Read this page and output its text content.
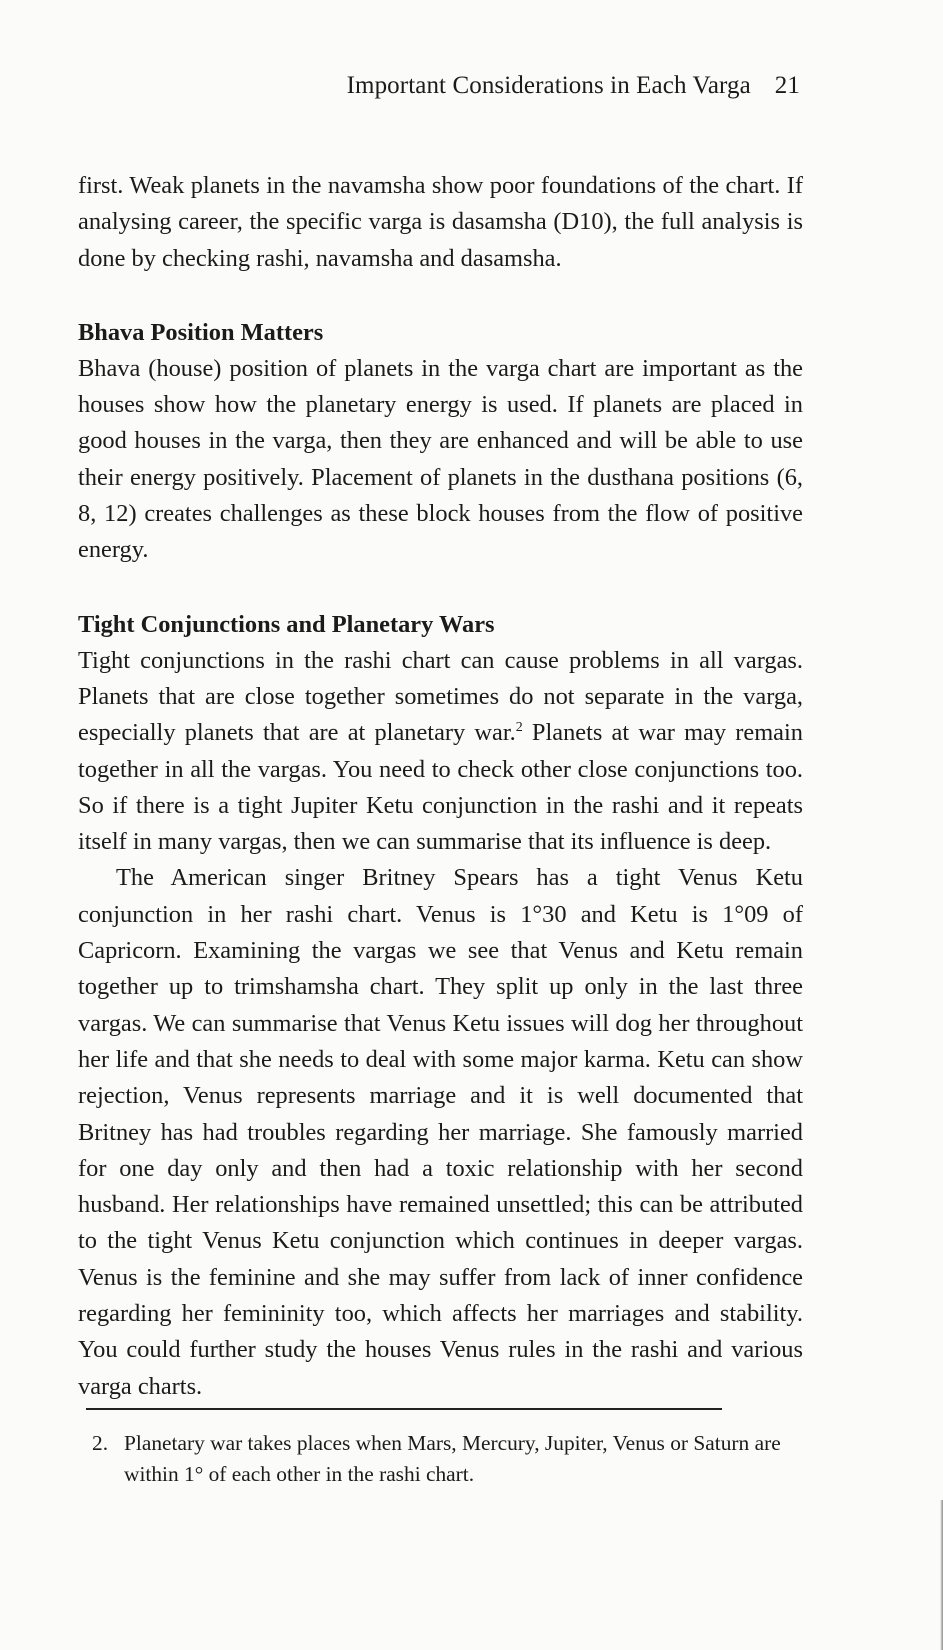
Important Considerations in Each Varga 21

first. Weak planets in the navamsha show poor foundations of the chart. If analysing career, the specific varga is dasamsha (D10), the full analysis is done by checking rashi, navamsha and dasamsha.

Bhava Position Matters

Bhava (house) position of planets in the varga chart are important as the houses show how the planetary energy is used. If planets are placed in good houses in the varga, then they are enhanced and will be able to use their energy positively. Placement of planets in the dusthana positions (6, 8, 12) creates challenges as these block houses from the flow of positive energy.

Tight Conjunctions and Planetary Wars

Tight conjunctions in the rashi chart can cause problems in all vargas. Planets that are close together sometimes do not separate in the varga, especially planets that are at planetary war.$^2$ Planets at war may remain together in all the vargas. You need to check other close conjunctions too. So if there is a tight Jupiter Ketu conjunction in the rashi and it repeats itself in many vargas, then we can summarise that its influence is deep.

The American singer Britney Spears has a tight Venus Ketu conjunction in her rashi chart. Venus is 1°30 and Ketu is 1°09 of Capricorn. Examining the vargas we see that Venus and Ketu remain together up to trimshamsha chart. They split up only in the last three vargas. We can summarise that Venus Ketu issues will dog her throughout her life and that she needs to deal with some major karma. Ketu can show rejection, Venus represents marriage and it is well documented that Britney has had troubles regarding her marriage. She famously married for one day only and then had a toxic relationship with her second husband. Her relationships have remained unsettled; this can be attributed to the tight Venus Ketu conjunction which continues in deeper vargas. Venus is the feminine and she may suffer from lack of inner confidence regarding her femininity too, which affects her marriages and stability. You could further study the houses Venus rules in the rashi and various varga charts.

2. Planetary war takes places when Mars, Mercury, Jupiter, Venus or Saturn are within 1° of each other in the rashi chart.
